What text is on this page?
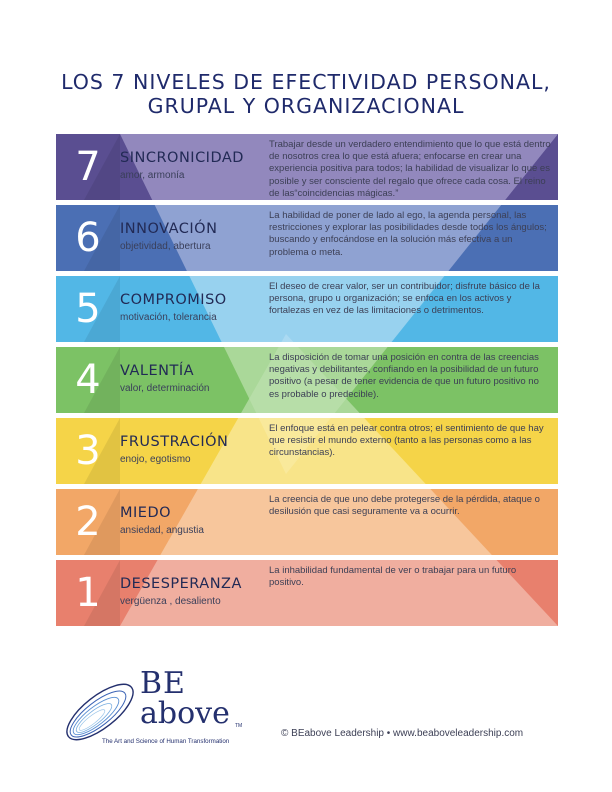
LOS 7 NIVELES DE EFECTIVIDAD PERSONAL,
GRUPAL Y ORGANIZACIONAL
7	SINCRONICIDAD
amor, armonía
Trabajar desde un verdadero entendimiento que lo que está dentro de nosotros crea lo que está afuera; enfocarse en crear una experiencia positiva para todos; la habilidad de visualizar lo que es posible y ser consciente del regalo que ofrece cada cosa. El reino de las“coincidencias mágicas.”
6	INNOVACIÓN
objetividad, abertura
La habilidad de poner de lado al ego, la agenda personal, las restricciones y explorar las posibilidades desde todos los ángulos; buscando y enfocándose en la solución más efectiva a un problema o meta.
5	COMPROMISO
motivación, tolerancia
El deseo de crear valor, ser un contribuidor; disfrute básico de la persona, grupo u organización; se enfoca en los activos y fortalezas en vez de las limitaciones o detrimentos.
4	VALENTÍA
valor, determinación
La disposición de tomar una posición en contra de las creencias negativas y debilitantes, confiando en la posibilidad de un futuro positivo (a pesar de tener evidencia de que un futuro positivo no es probable o predecible).
3	FRUSTRACIÓN
enojo, egotismo
El enfoque está en pelear contra otros; el sentimiento de que hay que resistir el mundo externo (tanto a las personas como a las circunstancias).
2	MIEDO
ansiedad, angustia
La creencia de que uno debe protegerse de la pérdida, ataque o desilusión que casi seguramente va a ocurrir.
1	DESESPERANZA
vergüenza , desaliento
La inhabilidad fundamental de ver o trabajar para un futuro positivo.
BE
above TM
The Art and Science of Human Transformation
© BEabove Leadership • www.beaboveleadership.com
